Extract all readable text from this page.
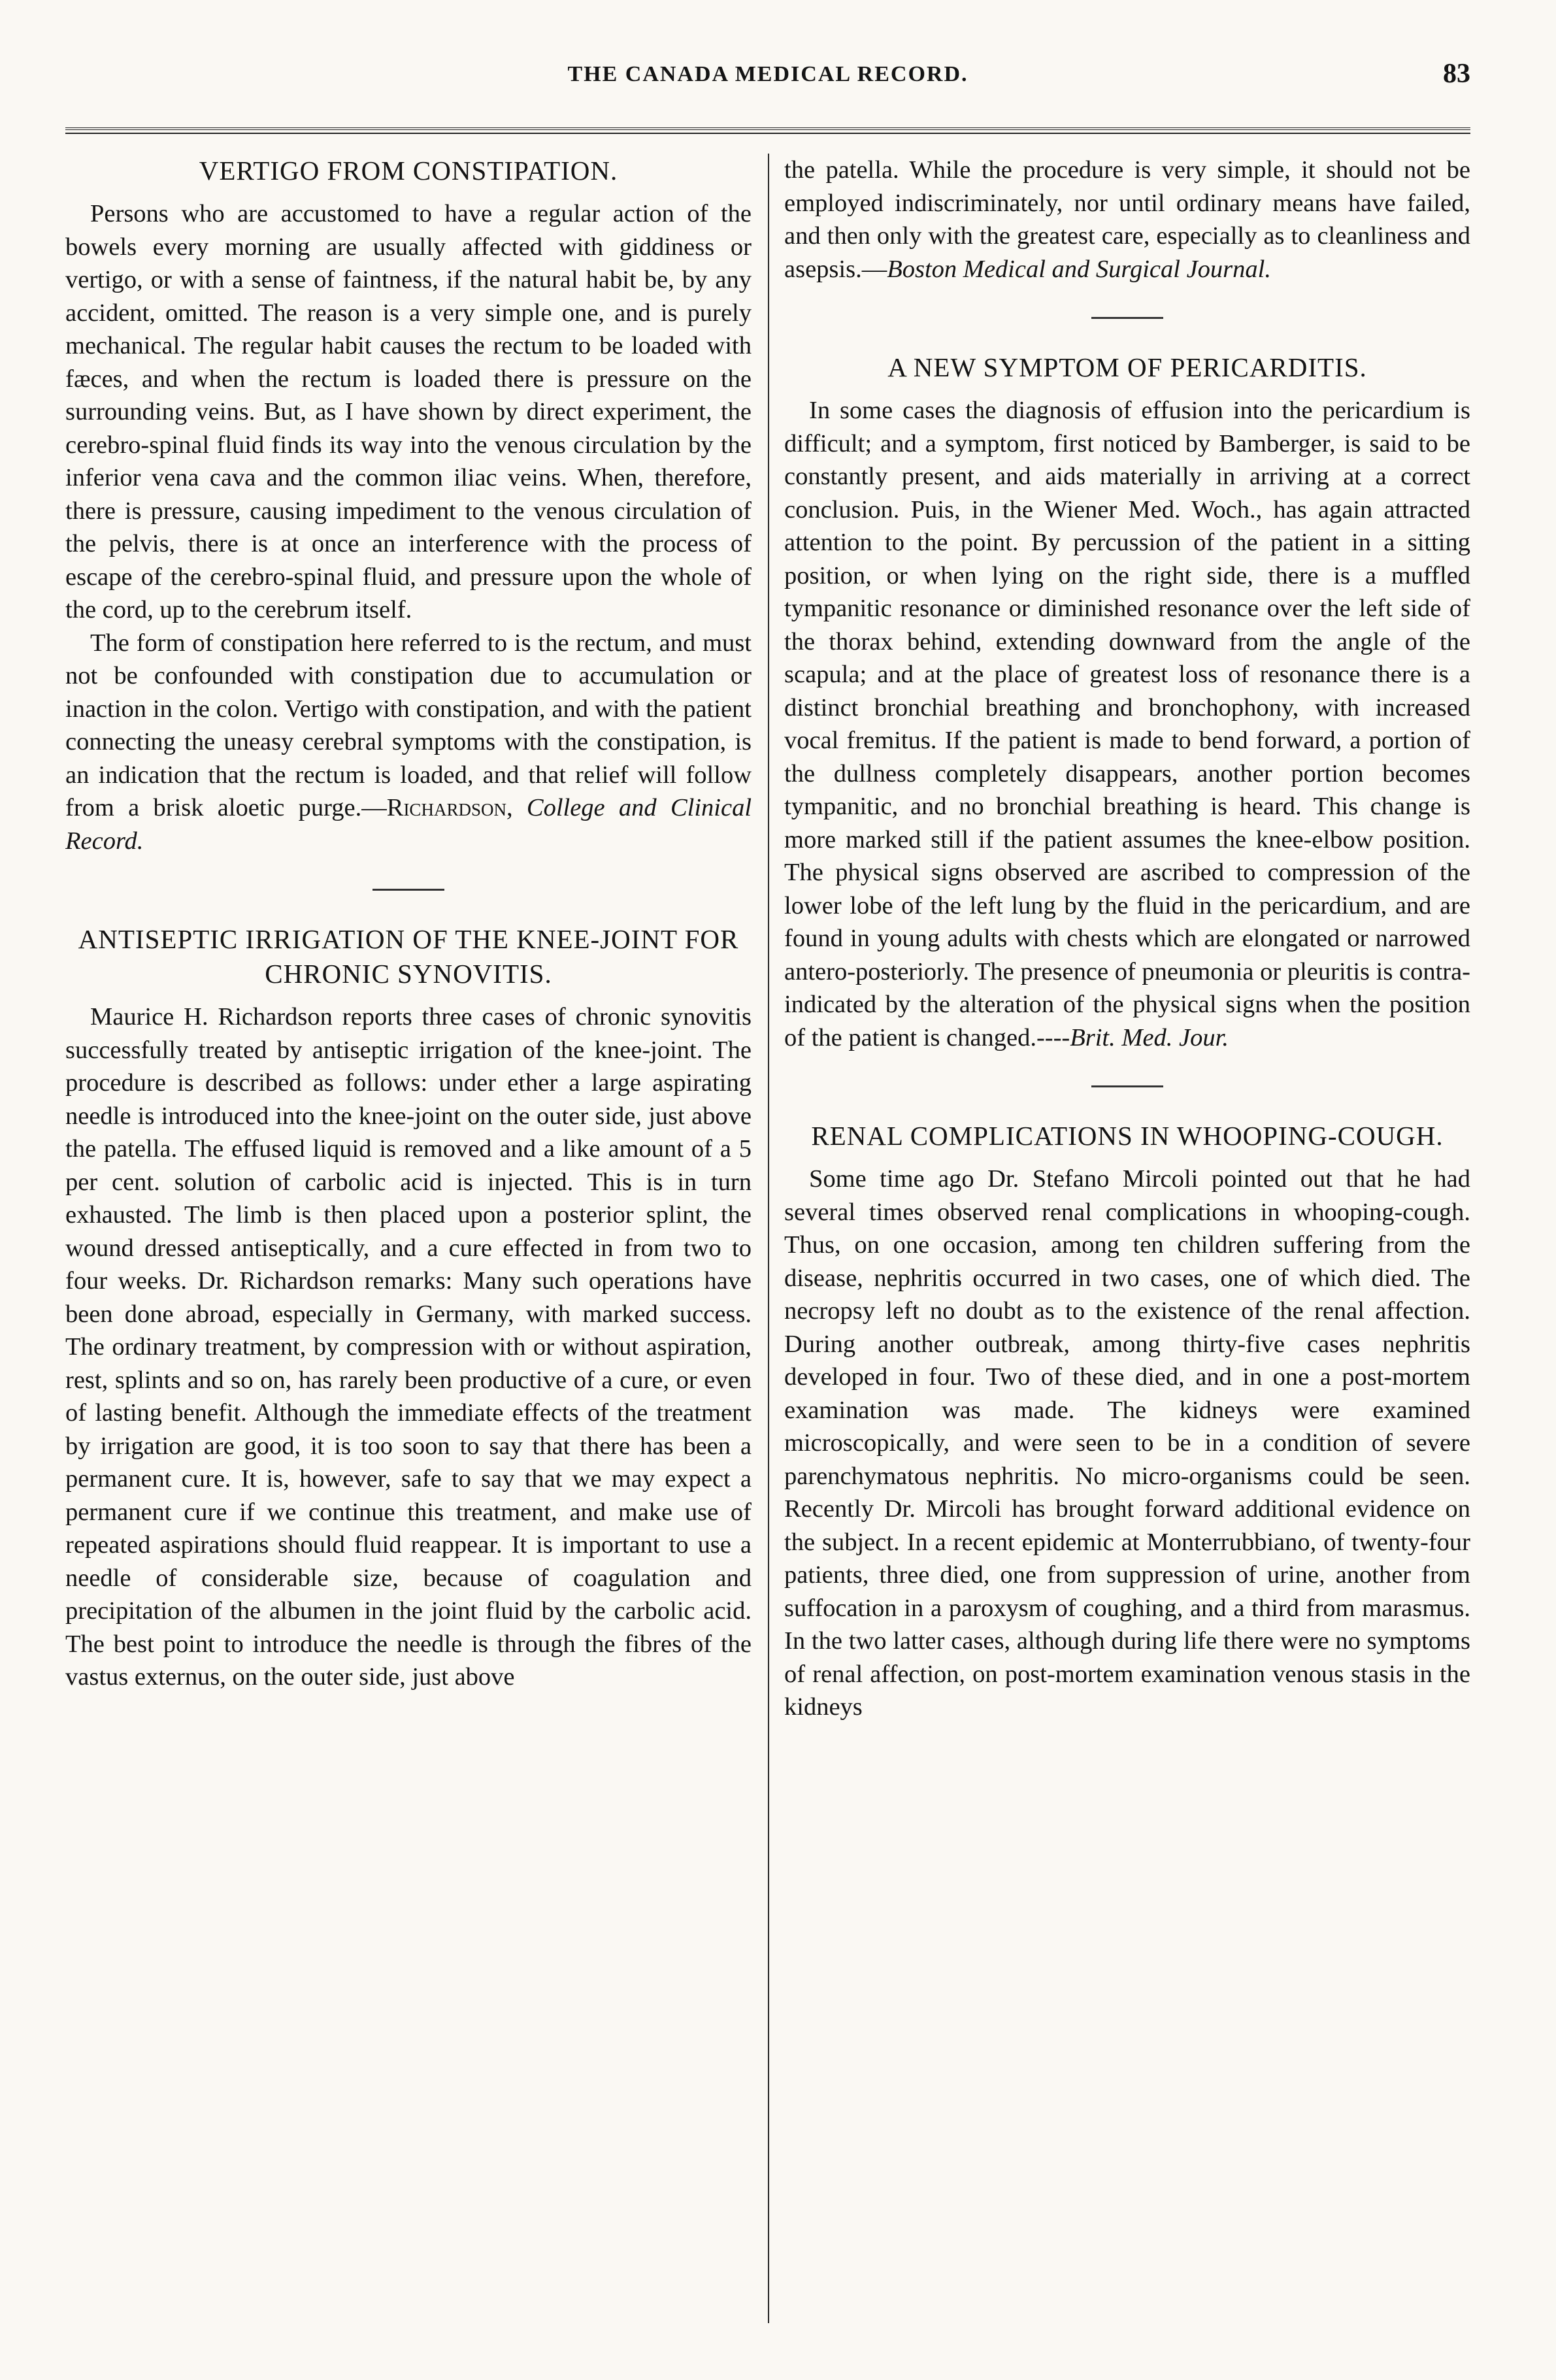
THE CANADA MEDICAL RECORD.	83
VERTIGO FROM CONSTIPATION.

Persons who are accustomed to have a regular action of the bowels every morning are usually affected with giddiness or vertigo, or with a sense of faintness, if the natural habit be, by any accident, omitted. The reason is a very simple one, and is purely mechanical. The regular habit causes the rectum to be loaded with fæces, and when the rectum is loaded there is pressure on the surrounding veins. But, as I have shown by direct experiment, the cerebro-spinal fluid finds its way into the venous circulation by the inferior vena cava and the common iliac veins. When, therefore, there is pressure, causing impediment to the venous circulation of the pelvis, there is at once an interference with the process of escape of the cerebro-spinal fluid, and pressure upon the whole of the cord, up to the cerebrum itself.

The form of constipation here referred to is the rectum, and must not be confounded with constipation due to accumulation or inaction in the colon. Vertigo with constipation, and with the patient connecting the uneasy cerebral symptoms with the constipation, is an indication that the rectum is loaded, and that relief will follow from a brisk aloetic purge.—Richardson, College and Clinical Record.

ANTISEPTIC IRRIGATION OF THE KNEE-JOINT FOR CHRONIC SYNOVITIS.

Maurice H. Richardson reports three cases of chronic synovitis successfully treated by antiseptic irrigation of the knee-joint. The procedure is described as follows: under ether a large aspirating needle is introduced into the knee-joint on the outer side, just above the patella. The effused liquid is removed and a like amount of a 5 per cent. solution of carbolic acid is injected. This is in turn exhausted. The limb is then placed upon a posterior splint, the wound dressed antiseptically, and a cure effected in from two to four weeks. Dr. Richardson remarks: Many such operations have been done abroad, especially in Germany, with marked success. The ordinary treatment, by compression with or without aspiration, rest, splints and so on, has rarely been productive of a cure, or even of lasting benefit. Although the immediate effects of the treatment by irrigation are good, it is too soon to say that there has been a permanent cure. It is, however, safe to say that we may expect a permanent cure if we continue this treatment, and make use of repeated aspirations should fluid reappear. It is important to use a needle of considerable size, because of coagulation and precipitation of the albumen in the joint fluid by the carbolic acid. The best point to introduce the needle is through the fibres of the vastus externus, on the outer side, just above

the patella. While the procedure is very simple, it should not be employed indiscriminately, nor until ordinary means have failed, and then only with the greatest care, especially as to cleanliness and asepsis.—Boston Medical and Surgical Journal.

A NEW SYMPTOM OF PERICARDITIS.

In some cases the diagnosis of effusion into the pericardium is difficult; and a symptom, first noticed by Bamberger, is said to be constantly present, and aids materially in arriving at a correct conclusion. Puis, in the Wiener Med. Woch., has again attracted attention to the point. By percussion of the patient in a sitting position, or when lying on the right side, there is a muffled tympanitic resonance or diminished resonance over the left side of the thorax behind, extending downward from the angle of the scapula; and at the place of greatest loss of resonance there is a distinct bronchial breathing and bronchophony, with increased vocal fremitus. If the patient is made to bend forward, a portion of the dullness completely disappears, another portion becomes tympanitic, and no bronchial breathing is heard. This change is more marked still if the patient assumes the knee-elbow position. The physical signs observed are ascribed to compression of the lower lobe of the left lung by the fluid in the pericardium, and are found in young adults with chests which are elongated or narrowed antero-posteriorly. The presence of pneumonia or pleuritis is contra-indicated by the alteration of the physical signs when the position of the patient is changed.----Brit. Med. Jour.

RENAL COMPLICATIONS IN WHOOPING-COUGH.

Some time ago Dr. Stefano Mircoli pointed out that he had several times observed renal complications in whooping-cough. Thus, on one occasion, among ten children suffering from the disease, nephritis occurred in two cases, one of which died. The necropsy left no doubt as to the existence of the renal affection. During another outbreak, among thirty-five cases nephritis developed in four. Two of these died, and in one a post-mortem examination was made. The kidneys were examined microscopically, and were seen to be in a condition of severe parenchymatous nephritis. No micro-organisms could be seen. Recently Dr. Mircoli has brought forward additional evidence on the subject. In a recent epidemic at Monterrubbiano, of twenty-four patients, three died, one from suppression of urine, another from suffocation in a paroxysm of coughing, and a third from marasmus. In the two latter cases, although during life there were no symptoms of renal affection, on post-mortem examination venous stasis in the kidneys
